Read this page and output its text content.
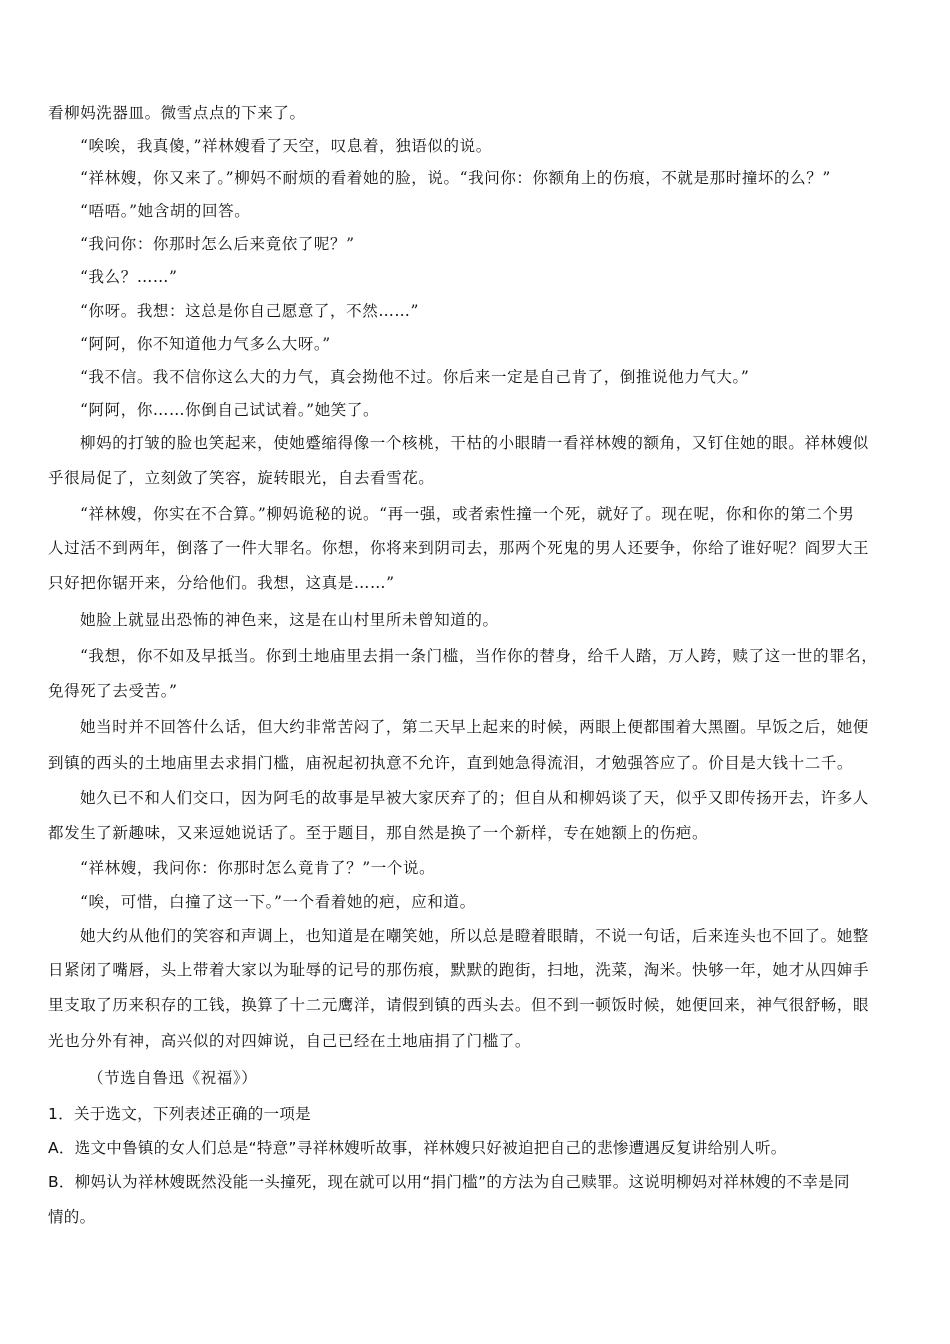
看柳妈洗器皿。微雪点点的下来了。
“唉唉，我真傻，”祥林嫂看了天空，叹息着，独语似的说。
“祥林嫂，你又来了。”柳妈不耐烦的看着她的脸，说。“我问你：你额角上的伤痕，不就是那时撞坏的么？”
“唔唔。”她含胡的回答。
“我问你：你那时怎么后来竟依了呢？”
“我么？……”
“你呀。我想：这总是你自己愿意了，不然……”
“阿阿，你不知道他力气多么大呀。”
“我不信。我不信你这么大的力气，真会拗他不过。你后来一定是自己肯了，倒推说他力气大。”
“阿阿，你……你倒自己试试着。”她笑了。
柳妈的打皱的脸也笑起来，使她蹙缩得像一个核桃，干枯的小眼睛一看祥林嫂的额角，又钉住她的眼。祥林嫂似
乎很局促了，立刻敛了笑容，旋转眼光，自去看雪花。
“祥林嫂，你实在不合算。”柳妈诡秘的说。“再一强，或者索性撞一个死，就好了。现在呢，你和你的第二个男
人过活不到两年，倒落了一件大罪名。你想，你将来到阴司去，那两个死鬼的男人还要争，你给了谁好呢？阎罗大王
只好把你锯开来，分给他们。我想，这真是……”
她脸上就显出恐怖的神色来，这是在山村里所未曾知道的。
“我想，你不如及早抵当。你到土地庙里去捐一条门槛，当作你的替身，给千人踏，万人跨，赎了这一世的罪名，
免得死了去受苦。”
她当时并不回答什么话，但大约非常苦闷了，第二天早上起来的时候，两眼上便都围着大黑圈。早饭之后，她便
到镇的西头的土地庙里去求捐门槛，庙祝起初执意不允许，直到她急得流泪，才勉强答应了。价目是大钱十二千。
她久已不和人们交口，因为阿毛的故事是早被大家厌弃了的；但自从和柳妈谈了天，似乎又即传扬开去，许多人
都发生了新趣味，又来逗她说话了。至于题目，那自然是换了一个新样，专在她额上的伤疤。
“祥林嫂，我问你：你那时怎么竟肯了？”一个说。
“唉，可惜，白撞了这一下。”一个看着她的疤，应和道。
她大约从他们的笑容和声调上，也知道是在嘲笑她，所以总是瞪着眼睛，不说一句话，后来连头也不回了。她整
日紧闭了嘴唇，头上带着大家以为耻辱的记号的那伤痕，默默的跑街，扫地，洗菜，淘米。快够一年，她才从四婶手
里支取了历来积存的工钱，换算了十二元鹰洋，请假到镇的西头去。但不到一顿饭时候，她便回来，神气很舒畅，眼
光也分外有神，高兴似的对四婶说，自己已经在土地庙捐了门槛了。
（节选自鲁迅《祝福》）
1．关于选文，下列表述正确的一项是
A．选文中鲁镇的女人们总是“特意”寻祥林嫂听故事，祥林嫂只好被迫把自己的悲惨遭遇反复讲给别人听。
B．柳妈认为祥林嫂既然没能一头撞死，现在就可以用“捐门槛”的方法为自己赎罪。这说明柳妈对祥林嫂的不幸是同
情的。
